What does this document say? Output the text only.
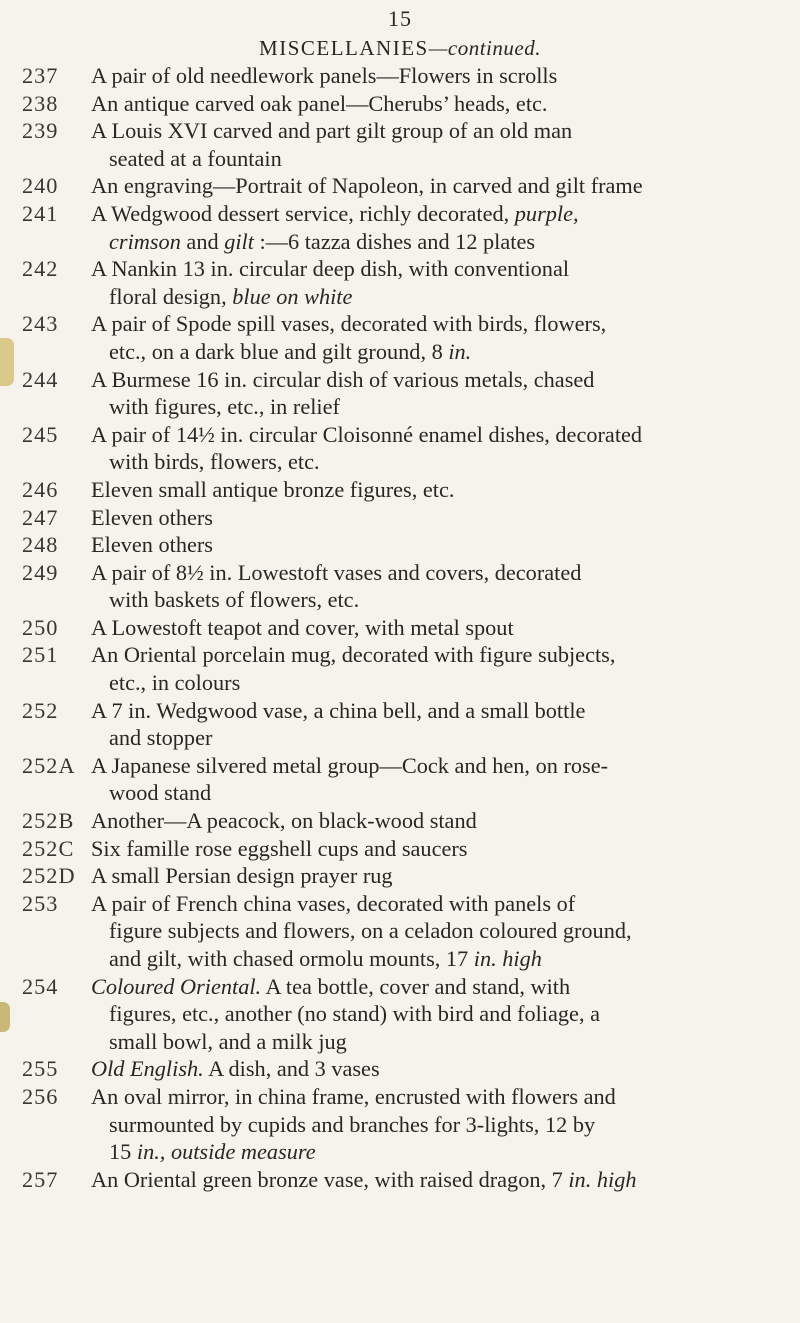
15
MISCELLANIES—continued.
237	A pair of old needlework panels—Flowers in scrolls
238	An antique carved oak panel—Cherubs’ heads, etc.
239	A Louis XVI carved and part gilt group of an old man
seated at a fountain
240	An engraving—Portrait of Napoleon, in carved and gilt frame
241	A Wedgwood dessert service, richly decorated, purple,
crimson and gilt :—6 tazza dishes and 12 plates
242	A Nankin 13 in. circular deep dish, with conventional
floral design, blue on white
243	A pair of Spode spill vases, decorated with birds, flowers,
etc., on a dark blue and gilt ground, 8 in.
244	A Burmese 16 in. circular dish of various metals, chased
with figures, etc., in relief
245	A pair of 14½ in. circular Cloisonné enamel dishes, decorated
with birds, flowers, etc.
246	Eleven small antique bronze figures, etc.
247	Eleven others
248	Eleven others
249	A pair of 8½ in. Lowestoft vases and covers, decorated
with baskets of flowers, etc.
250	A Lowestoft teapot and cover, with metal spout
251	An Oriental porcelain mug, decorated with figure subjects,
etc., in colours
252	A 7 in. Wedgwood vase, a china bell, and a small bottle
and stopper
252A A Japanese silvered metal group—Cock and hen, on rose-
wood stand
252B Another—A peacock, on black-wood stand
252C Six famille rose eggshell cups and saucers
252D A small Persian design prayer rug
253	A pair of French china vases, decorated with panels of
figure subjects and flowers, on a celadon coloured ground,
and gilt, with chased ormolu mounts, 17 in. high
254	Coloured Oriental. A tea bottle, cover and stand, with
figures, etc., another (no stand) with bird and foliage, a
small bowl, and a milk jug
255	Old English. A dish, and 3 vases
256	An oval mirror, in china frame, encrusted with flowers and
surmounted by cupids and branches for 3-lights, 12 by
15 in., outside measure
257	An Oriental green bronze vase, with raised dragon, 7 in. high
